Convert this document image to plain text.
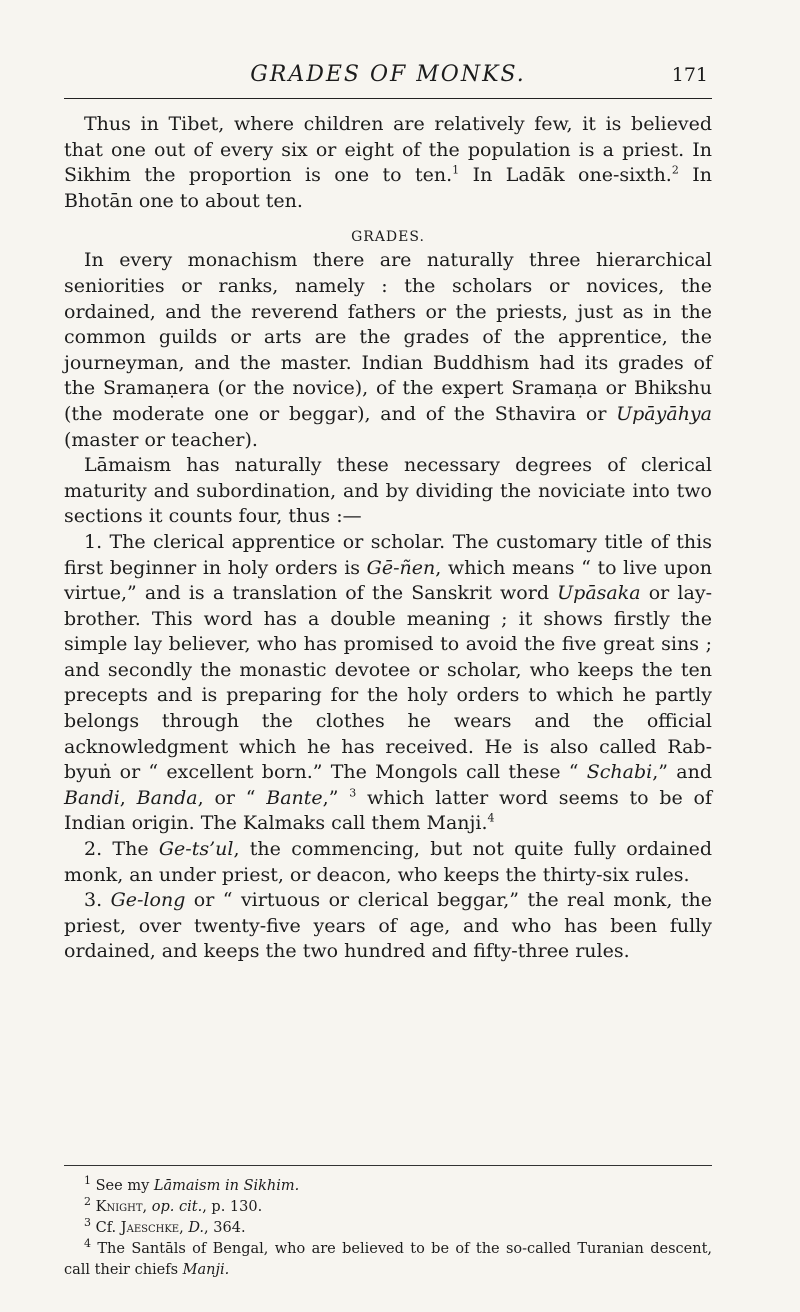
GRADES OF MONKS.	171

Thus in Tibet, where children are relatively few, it is believed that one out of every six or eight of the population is a priest. In Sikhim the proportion is one to ten.$^1$ In Ladāk one-sixth.$^2$ In Bhotān one to about ten.

GRADES.

In every monachism there are naturally three hierarchical seniorities or ranks, namely : the scholars or novices, the ordained, and the reverend fathers or the priests, just as in the common guilds or arts are the grades of the apprentice, the journeyman, and the master. Indian Buddhism had its grades of the Sramaṇera (or the novice), of the expert Sramaṇa or Bhikshu (the moderate one or beggar), and of the Sthavira or Upāyāhya (master or teacher).

Lāmaism has naturally these necessary degrees of clerical maturity and subordination, and by dividing the noviciate into two sections it counts four, thus :—

1. The clerical apprentice or scholar. The customary title of this first beginner in holy orders is Gē-ñen, which means “ to live upon virtue,” and is a translation of the Sanskrit word Upāsaka or lay-brother. This word has a double meaning ; it shows firstly the simple lay believer, who has promised to avoid the five great sins ; and secondly the monastic devotee or scholar, who keeps the ten precepts and is preparing for the holy orders to which he partly belongs through the clothes he wears and the official acknowledgment which he has received. He is also called Rab-byuṅ or “ excellent born.” The Mongols call these “ Schabi,” and Bandi, Banda, or “ Bante,” $^3$ which latter word seems to be of Indian origin. The Kalmaks call them Manji.$^4$

2. The Ge-ts’ul, the commencing, but not quite fully ordained monk, an under priest, or deacon, who keeps the thirty-six rules.

3. Ge-long or “ virtuous or clerical beggar,” the real monk, the priest, over twenty-five years of age, and who has been fully ordained, and keeps the two hundred and fifty-three rules.

$^1$ See my Lāmaism in Sikhim.

$^2$ Knight, op. cit., p. 130.

$^3$ Cf. Jaeschke, D., 364.

$^4$ The Santāls of Bengal, who are believed to be of the so-called Turanian descent, call their chiefs Manji.
